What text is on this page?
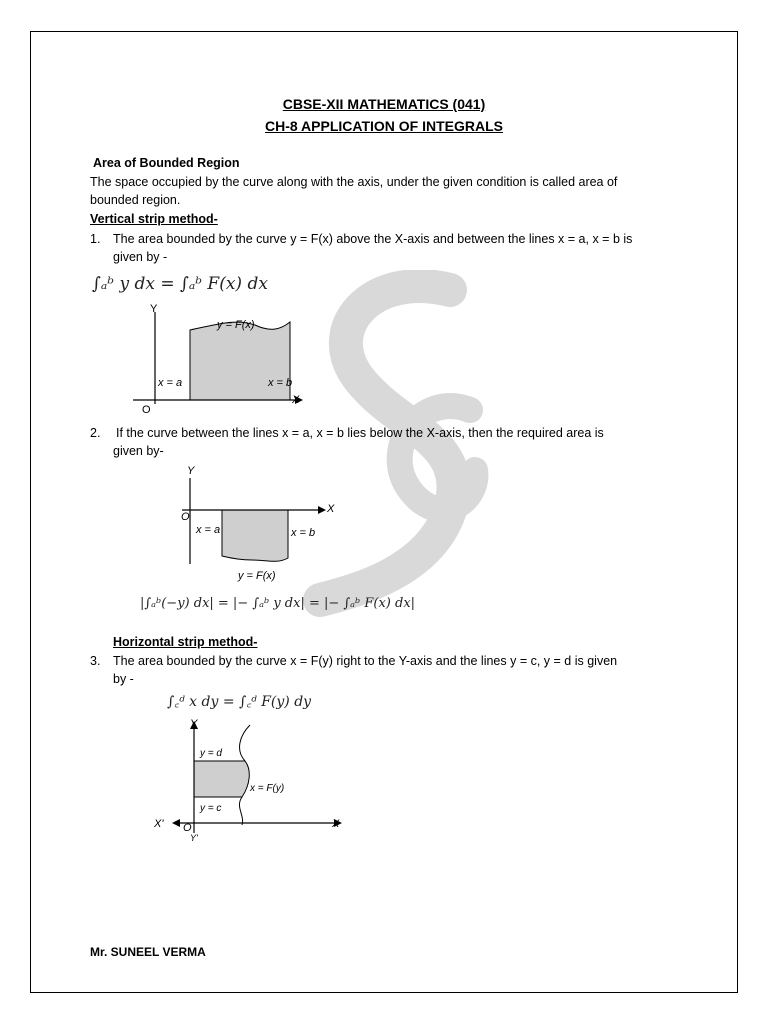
CBSE-XII MATHEMATICS (041)
CH-8 APPLICATION OF INTEGRALS
Area of Bounded Region
The space occupied by the curve along with the axis, under the given condition is called area of
bounded region.
Vertical strip method-
1. The area bounded by the curve y = F(x) above the X-axis and between the lines x = a, x = b is
given by -
∫ₐᵇ y dx = ∫ₐᵇ F(x) dx
Y
X
O
y = F(x)
x = a	x = b
2. If the curve between the lines x = a, x = b lies below the X-axis, then the required area is
given by-
Y
X
O
y = F(x)
x = a	x = b
|∫ₐᵇ(−y) dx| = |− ∫ₐᵇ y dx| = |− ∫ₐᵇ F(x) dx|
Horizontal strip method-
3. The area bounded by the curve x = F(y) right to the Y-axis and the lines y = c, y = d is given
by -
∫꜀ᵈ x dy = ∫꜀ᵈ F(y) dy
Y
Y'
X
X' O
y = d
y = c
x = F(y)
Mr. SUNEEL VERMA
